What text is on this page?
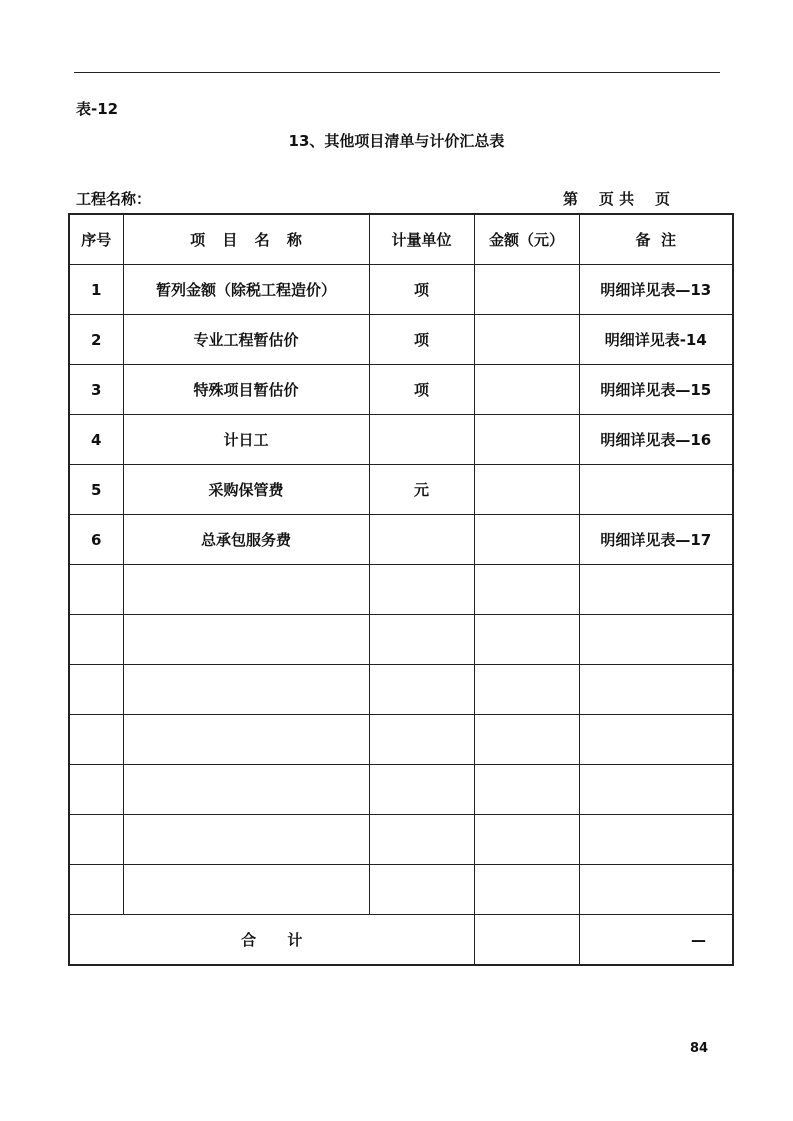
表-12
13、其他项目清单与计价汇总表
工程名称：	第    页 共    页
序号	项 目 名 称	计量单位	金额（元）	备  注
1	暂列金额（除税工程造价）	项		明细详见表—13
2	专业工程暂估价	项		明细详见表-14
3	特殊项目暂估价	项		明细详见表—15
4	计日工			明细详见表—16
5	采购保管费	元		
6	总承包服务费			明细详见表—17

合      计				—
84
